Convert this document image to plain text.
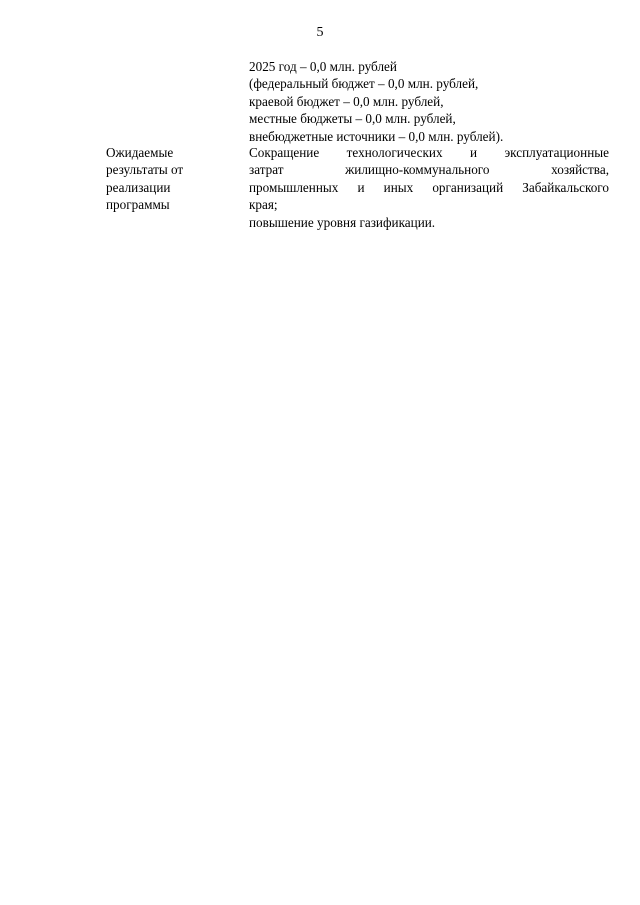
5
2025 год – 0,0 млн. рублей
(федеральный бюджет – 0,0 млн. рублей,
краевой бюджет – 0,0 млн. рублей,
местные бюджеты – 0,0 млн. рублей,
внебюджетные источники – 0,0 млн. рублей).
Ожидаемые
результаты от
реализации
программы
Сокращение технологических и эксплуатационные
затрат	жилищно-коммунального	хозяйства,
промышленных и иных организаций Забайкальского
края;
повышение уровня газификации.
